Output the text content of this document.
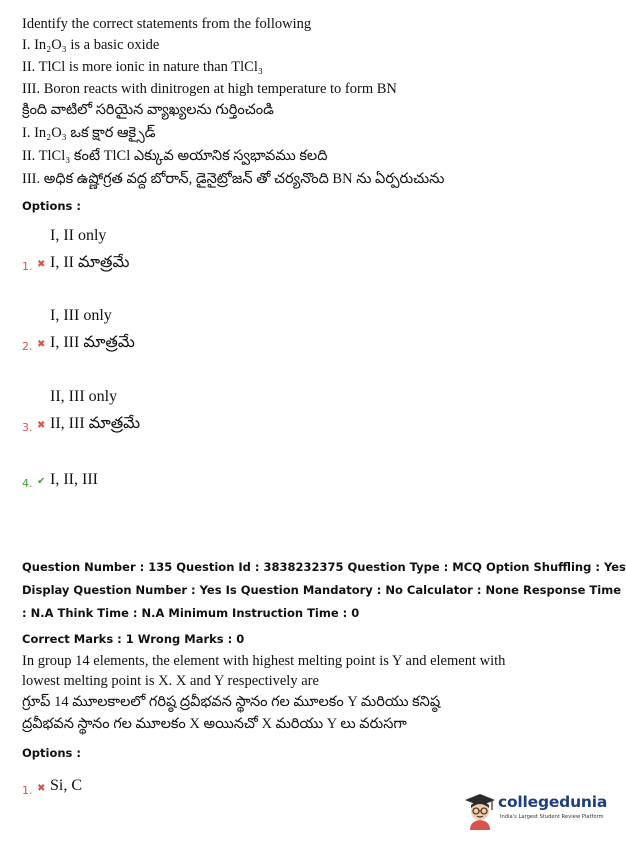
Identify the correct statements from the following
I. In₂O₃ is a basic oxide
II. TlCl is more ionic in nature than TlCl₃
III. Boron reacts with dinitrogen at high temperature to form BN
క్రింది వాటిలో సరియైన వ్యాఖ్యలను గుర్తించండి
I. In₂O₃ ఒక క్షార ఆక్సైడ్
II. TlCl₃ కంటే TlCl ఎక్కువ అయానిక స్వభావము కలది
III. అధిక ఉష్ణోగ్రత వద్ద బోరాన్, డైనైట్రోజన్ తో చర్యనొంది BN ను ఏర్పరుచును
Options :
I, II only
1. ✖ I, II మాత్రమే
I, III only
2. ✖ I, III మాత్రమే
II, III only
3. ✖ II, III మాత్రమే
4. ✔ I, II, III
Question Number : 135 Question Id : 3838232375 Question Type : MCQ Option Shuffling : Yes
Display Question Number : Yes Is Question Mandatory : No Calculator : None Response Time
: N.A Think Time : N.A Minimum Instruction Time : 0
Correct Marks : 1 Wrong Marks : 0
In group 14 elements, the element with highest melting point is Y and element with
lowest melting point is X. X and Y respectively are
గ్రూప్ 14 మూలకాలలో గరిష్ఠ ద్రవీభవన స్థానం గల మూలకం Y మరియు కనిష్ఠ
ద్రవీభవన స్థానం గల మూలకం X అయినచో X మరియు Y లు వరుసగా
Options :
1. ✖ Si, C
collegedunia
India's Largest Student Review Platform
